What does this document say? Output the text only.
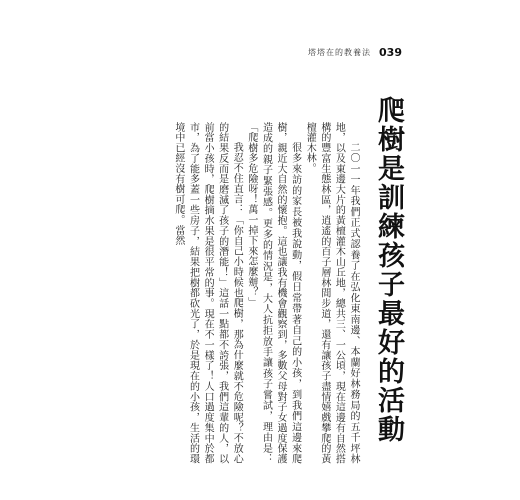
塔塔在的教養法 039
爬樹是訓練孩子最好的活動

二〇一一年我們正式認養了在弘化東南邊、本蘭好林務局的五千坪林地，以及東邊大片的黃檀灌木山丘地，總共三、一公頃，現在這邊有自然搭構的豐富生態林區，逍遙的百子層林間步道，還有讓孩子盡情嬉戲攀爬的黃檀灌木林。

很多來訪的家長被我說動，假日常帶著自己的小孩，到我們這邊來爬樹，親近大自然的懷抱。這也讓我有機會觀察到，多數父母對子女過度保護造成的親子緊張感。更多的情況是，大人抗拒放手讓孩子嘗試，理由是：「爬樹多危險呀！萬一掉下來怎麼辦？」

我忍不住直言：「你自己小時候也爬樹，那為什麼就不危險呢？不放心的結果反而是磨滅了孩子的潛能！」這話一點都不誇張，我們這輩的人，以前當小孩時，爬樹摘水果是很平常的事。現在不一樣了！人口過度集中於都市，為了能多蓋一些房子，結果把樹都砍光了，於是現在的小孩，生活的環境中已經沒有樹可爬。當然
